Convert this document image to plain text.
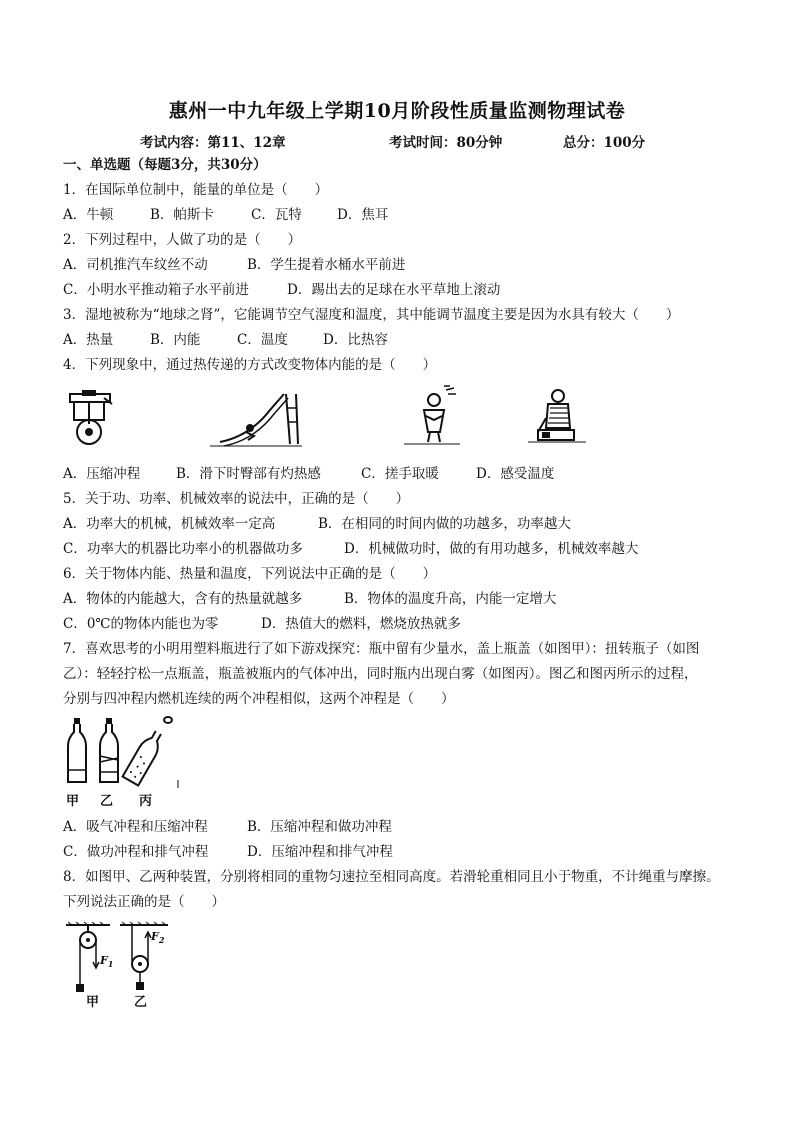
惠州一中九年级上学期10月阶段性质量监测物理试卷
考试内容：第11、12章	考试时间：80分钟	总分：100分
一、单选题（每题3分，共30分）
1．在国际单位制中，能量的单位是（　　）
A．牛顿	B．帕斯卡	C．瓦特	D．焦耳
2．下列过程中，人做了功的是（　　）
A．司机推汽车纹丝不动	B．学生提着水桶水平前进
C．小明水平推动箱子水平前进	D．踢出去的足球在水平草地上滚动
3．湿地被称为“地球之肾”，它能调节空气湿度和温度，其中能调节温度主要是因为水具有较大（　　）
A．热量	B．内能	C．温度	D．比热容
4．下列现象中，通过热传递的方式改变物体内能的是（　　）
A．压缩冲程	B．滑下时臀部有灼热感	C．搓手取暖	D．感受温度
5．关于功、功率、机械效率的说法中，正确的是（　　）
A．功率大的机械，机械效率一定高	B．在相同的时间内做的功越多，功率越大
C．功率大的机器比功率小的机器做功多	D．机械做功时，做的有用功越多，机械效率越大
6．关于物体内能、热量和温度，下列说法中正确的是（　　）
A．物体的内能越大，含有的热量就越多	B．物体的温度升高，内能一定增大
C．0℃的物体内能也为零	D．热值大的燃料，燃烧放热就多
7．喜欢思考的小明用塑料瓶进行了如下游戏探究：瓶中留有少量水，盖上瓶盖（如图甲）：扭转瓶子（如图
乙）：轻轻拧松一点瓶盖，瓶盖被瓶内的气体冲出，同时瓶内出现白雾（如图丙）。图乙和图丙所示的过程，
分别与四冲程内燃机连续的两个冲程相似，这两个冲程是（　　）
甲 乙 丙
A．吸气冲程和压缩冲程	B．压缩冲程和做功冲程
C．做功冲程和排气冲程	D．压缩冲程和排气冲程
8．如图甲、乙两种装置，分别将相同的重物匀速拉至相同高度。若滑轮重相同且小于物重，不计绳重与摩擦。
下列说法正确的是（　　）
$F_1$
$F_2$
甲	乙
